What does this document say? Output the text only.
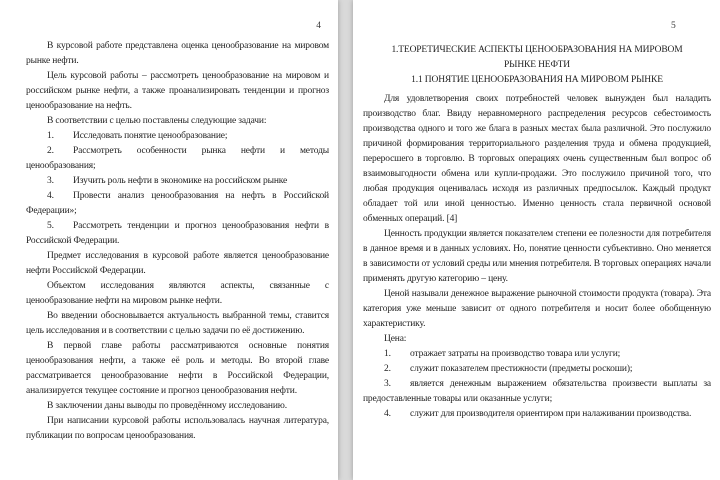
4

В курсовой работе представлена оценка ценообразование на мировом рынке нефти.

Цель курсовой работы – рассмотреть ценообразование на мировом и российском рынке нефти, а также проанализировать тенденции и прогноз ценообразование на нефть.

В соответствии с целью поставлены следующие задачи:

1. Исследовать понятие ценообразование;

2. Рассмотреть особенности рынка нефти и методы ценообразования;

3. Изучить роль нефти в экономике на российском рынке

4. Провести анализ ценообразования на нефть в Российской Федерации»;

5. Рассмотреть тенденции и прогноз ценообразования нефти в Российской Федерации.

Предмет исследования в курсовой работе является ценообразование нефти Российской Федерации.

Объектом исследования являются аспекты, связанные с ценообразование нефти на мировом рынке нефти.

Во введении обосновывается актуальность выбранной темы, ставится цель исследования и в соответствии с целью задачи по её достижению.

В первой главе работы рассматриваются основные понятия ценообразования нефти, а также её роль и методы. Во второй главе рассматривается ценообразование нефти в Российской Федерации, анализируется текущее состояние и прогноз ценообразования нефти.

В заключении даны выводы по проведённому исследованию.

При написании курсовой работы использовалась научная литература, публикации по вопросам ценообразования.

5
1.ТЕОРЕТИЧЕСКИЕ АСПЕКТЫ ЦЕНООБРАЗОВАНИЯ НА МИРОВОМ
РЫНКЕ НЕФТИ
1.1 ПОНЯТИЕ ЦЕНООБРАЗОВАНИЯ НА МИРОВОМ РЫНКЕ

Для удовлетворения своих потребностей человек вынужден был наладить производство благ. Ввиду неравномерного распределения ресурсов себестоимость производства одного и того же блага в разных местах была различной. Это послужило причиной формирования территориального разделения труда и обмена продукцией, переросшего в торговлю. В торговых операциях очень существенным был вопрос об взаимовыгодности обмена или купли-продажи. Это послужило причиной того, что любая продукция оценивалась исходя из различных предпосылок. Каждый продукт обладает той или иной ценностью. Именно ценность стала первичной основой обменных операций. [4]

Ценность продукции является показателем степени ее полезности для потребителя в данное время и в данных условиях. Но, понятие ценности субъективно. Оно меняется в зависимости от условий среды или мнения потребителя. В торговых операциях начали применять другую категорию – цену.

Ценой называли денежное выражение рыночной стоимости продукта (товара). Эта категория уже меньше зависит от одного потребителя и носит более обобщенную характеристику.

Цена:

1. отражает затраты на производство товара или услуги;

2. служит показателем престижности (предметы роскоши);

3. является денежным выражением обязательства произвести выплаты за предоставленные товары или оказанные услуги;

4. служит для производителя ориентиром при налаживании производства.
